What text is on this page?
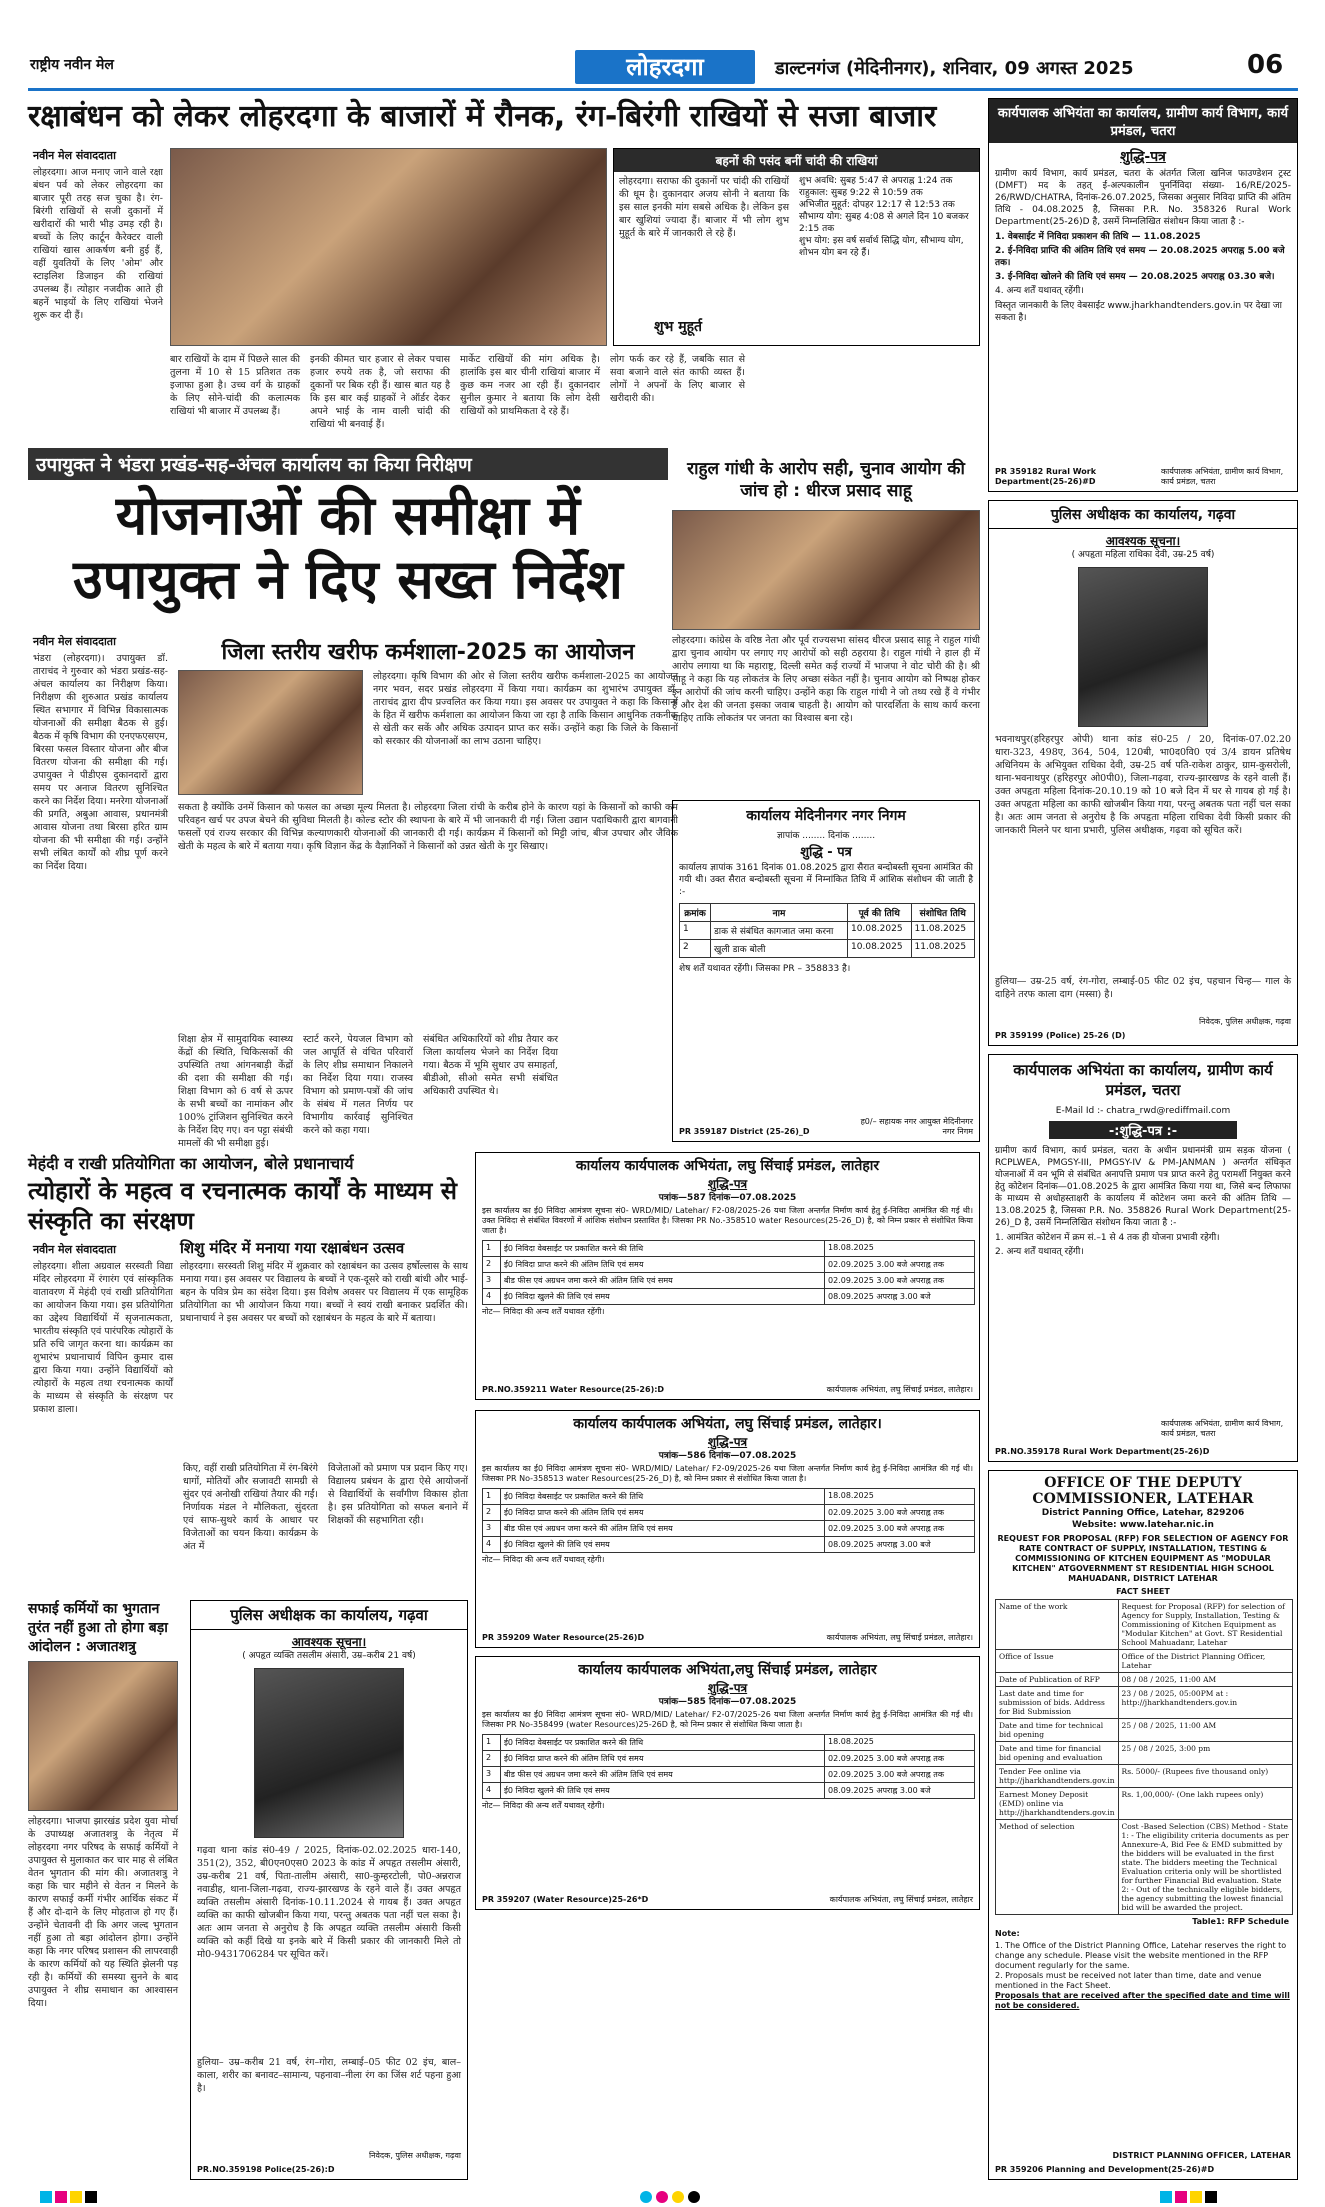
राष्ट्रीय नवीन मेल	लोहरदगा	डाल्टनगंज (मेदिनीनगर), शनिवार, 09 अगस्त 2025	06
रक्षाबंधन को लेकर लोहरदगा के बाजारों में रौनक, रंग-बिरंगी राखियों से सजा बाजार
नवीन मेल संवाददाता
लोहरदगा। आज मनाए जाने वाले रक्षा बंधन पर्व को लेकर लोहरदगा का बाजार पूरी तरह सज चुका है। रंग-बिरंगी राखियों से सजी दुकानों में खरीदारों की भारी भीड़ उमड़ रही है। बच्चों के लिए कार्टून कैरेक्टर वाली राखियां खास आकर्षण बनी हुई हैं, वहीं युवतियों के लिए 'ओम' और स्टाइलिश डिजाइन की राखियां उपलब्ध हैं। त्योहार नजदीक आते ही बहनें भाइयों के लिए राखियां भेजने शुरू कर दी हैं।
बार राखियों के दाम में पिछले साल की तुलना में 10 से 15 प्रतिशत तक इजाफा हुआ है। उच्च वर्ग के ग्राहकों के लिए सोने-चांदी की कलात्मक राखियां भी बाजार में उपलब्ध हैं।
इनकी कीमत चार हजार से लेकर पचास हजार रुपये तक है, जो सराफा की दुकानों पर बिक रही हैं। खास बात यह है कि इस बार कई ग्राहकों ने ऑर्डर देकर अपने भाई के नाम वाली चांदी की राखियां भी बनवाई हैं।
मार्केट राखियों की मांग अधिक है। हालांकि इस बार चीनी राखियां बाजार में कुछ कम नजर आ रही हैं। दुकानदार सुनील कुमार ने बताया कि लोग देसी राखियों को प्राथमिकता दे रहे हैं।
लोग फर्क कर रहे हैं, जबकि सात से सवा बजाने वाले संत काफी व्यस्त हैं। लोगों ने अपनों के लिए बाजार से खरीदारी की।
बहनों की पसंद बनीं चांदी की राखियां
लोहरदगा। सराफा की दुकानों पर चांदी की राखियों की धूम है। दुकानदार अजय सोनी ने बताया कि इस साल इनकी मांग सबसे अधिक है। लेकिन इस बार खुशियां ज्यादा हैं। बाजार में भी लोग शुभ मुहूर्त के बारे में जानकारी ले रहे हैं।
शुभ मुहूर्त
शुभ अवधि: सुबह 5:47 से अपराह्न 1:24 तक
राहुकाल: सुबह 9:22 से 10:59 तक
अभिजीत मुहूर्त: दोपहर 12:17 से 12:53 तक
सौभाग्य योग: सुबह 4:08 से अगले दिन 10 बजकर 2:15 तक
शुभ योग: इस वर्ष सर्वार्थ सिद्धि योग, सौभाग्य योग, शोभन योग बन रहे हैं।
उपायुक्त ने भंडरा प्रखंड-सह-अंचल कार्यालय का किया निरीक्षण
योजनाओं की समीक्षा में उपायुक्त ने दिए सख्त निर्देश
नवीन मेल संवाददाता
भंडरा (लोहरदगा)। उपायुक्त डॉ. ताराचंद ने गुरुवार को भंडरा प्रखंड-सह-अंचल कार्यालय का निरीक्षण किया। निरीक्षण की शुरुआत प्रखंड कार्यालय स्थित सभागार में विभिन्न विकासात्मक योजनाओं की समीक्षा बैठक से हुई। बैठक में कृषि विभाग की एनएफएसएम, बिरसा फसल विस्तार योजना और बीज वितरण योजना की समीक्षा की गई। उपायुक्त ने पीडीएस दुकानदारों द्वारा समय पर अनाज वितरण सुनिश्चित करने का निर्देश दिया। मनरेगा योजनाओं की प्रगति, अबुआ आवास, प्रधानमंत्री आवास योजना तथा बिरसा हरित ग्राम योजना की भी समीक्षा की गई। उन्होंने सभी लंबित कार्यों को शीघ्र पूर्ण करने का निर्देश दिया।
शिक्षा क्षेत्र में सामुदायिक स्वास्थ्य केंद्रों की स्थिति, चिकित्सकों की उपस्थिति तथा आंगनबाड़ी केंद्रों की दशा की समीक्षा की गई। शिक्षा विभाग को 6 वर्ष से ऊपर के सभी बच्चों का नामांकन और 100% ट्रांजिशन सुनिश्चित करने के निर्देश दिए गए। वन पट्टा संबंधी मामलों की भी समीक्षा हुई।
स्टार्ट करने, पेयजल विभाग को जल आपूर्ति से वंचित परिवारों के लिए शीघ्र समाधान निकालने का निर्देश दिया गया। राजस्व विभाग को प्रमाण-पत्रों की जांच के संबंध में गलत निर्णय पर विभागीय कार्रवाई सुनिश्चित करने को कहा गया।
संबंधित अधिकारियों को शीघ्र तैयार कर जिला कार्यालय भेजने का निर्देश दिया गया। बैठक में भूमि सुधार उप समाहर्ता, बीडीओ, सीओ समेत सभी संबंधित अधिकारी उपस्थित थे।
जिला स्तरीय खरीफ कर्मशाला-2025 का आयोजन
लोहरदगा। कृषि विभाग की ओर से जिला स्तरीय खरीफ कर्मशाला-2025 का आयोजन नगर भवन, सदर प्रखंड लोहरदगा में किया गया। कार्यक्रम का शुभारंभ उपायुक्त डॉ. ताराचंद द्वारा दीप प्रज्वलित कर किया गया। इस अवसर पर उपायुक्त ने कहा कि किसानों के हित में खरीफ कर्मशाला का आयोजन किया जा रहा है ताकि किसान आधुनिक तकनीक से खेती कर सकें और अधिक उत्पादन प्राप्त कर सकें। उन्होंने कहा कि जिले के किसानों को सरकार की योजनाओं का लाभ उठाना चाहिए।
सकता है क्योंकि उनमें किसान को फसल का अच्छा मूल्य मिलता है। लोहरदगा जिला रांची के करीब होने के कारण यहां के किसानों को काफी कम परिवहन खर्च पर उपज बेचने की सुविधा मिलती है। कोल्ड स्टोर की स्थापना के बारे में भी जानकारी दी गई। जिला उद्यान पदाधिकारी द्वारा बागवानी फसलों एवं राज्य सरकार की विभिन्न कल्याणकारी योजनाओं की जानकारी दी गई। कार्यक्रम में किसानों को मिट्टी जांच, बीज उपचार और जैविक खेती के महत्व के बारे में बताया गया। कृषि विज्ञान केंद्र के वैज्ञानिकों ने किसानों को उन्नत खेती के गुर सिखाए।
राहुल गांधी के आरोप सही, चुनाव आयोग की जांच हो : धीरज प्रसाद साहू
लोहरदगा। कांग्रेस के वरिष्ठ नेता और पूर्व राज्यसभा सांसद धीरज प्रसाद साहू ने राहुल गांधी द्वारा चुनाव आयोग पर लगाए गए आरोपों को सही ठहराया है। राहुल गांधी ने हाल ही में आरोप लगाया था कि महाराष्ट्र, दिल्ली समेत कई राज्यों में भाजपा ने वोट चोरी की है। श्री साहू ने कहा कि यह लोकतंत्र के लिए अच्छा संकेत नहीं है। चुनाव आयोग को निष्पक्ष होकर इन आरोपों की जांच करनी चाहिए। उन्होंने कहा कि राहुल गांधी ने जो तथ्य रखे हैं वे गंभीर हैं और देश की जनता इसका जवाब चाहती है। आयोग को पारदर्शिता के साथ कार्य करना चाहिए ताकि लोकतंत्र पर जनता का विश्वास बना रहे।
कार्यालय मेदिनीनगर नगर निगम
ज्ञापांक ........ दिनांक ........
शुद्धि - पत्र
कार्यालय ज्ञापांक 3161 दिनांक 01.08.2025 द्वारा सैरात बन्दोबस्ती सूचना आमंत्रित की गयी थी। उक्त सैरात बन्दोबस्ती सूचना में निम्नांकित तिथि में आंशिक संशोधन की जाती है :-
क्रमांक	नाम	पूर्व की तिथि	संशोधित तिथि
1	डाक से संबंधित कागजात जमा करना	10.08.2025	11.08.2025
2	खुली डाक बोली	10.08.2025	11.08.2025
शेष शर्तें यथावत रहेंगी। जिसका PR – 358833 है।
PR 359187 District (25-26)_D
ह0/– सहायक नगर आयुक्त मेदिनीनगर नगर निगम
मेहंदी व राखी प्रतियोगिता का आयोजन, बोले प्रधानाचार्य
त्योहारों के महत्व व रचनात्मक कार्यों के माध्यम से संस्कृति का संरक्षण
नवीन मेल संवाददाता
लोहरदगा। शीला अग्रवाल सरस्वती विद्या मंदिर लोहरदगा में रंगारंग एवं सांस्कृतिक वातावरण में मेहंदी एवं राखी प्रतियोगिता का आयोजन किया गया। इस प्रतियोगिता का उद्देश्य विद्यार्थियों में सृजनात्मकता, भारतीय संस्कृति एवं पारंपरिक त्योहारों के प्रति रुचि जागृत करना था। कार्यक्रम का शुभारंभ प्रधानाचार्य विपिन कुमार दास द्वारा किया गया। उन्होंने विद्यार्थियों को त्योहारों के महत्व तथा रचनात्मक कार्यों के माध्यम से संस्कृति के संरक्षण पर प्रकाश डाला।
किए, वहीं राखी प्रतियोगिता में रंग-बिरंगे धागों, मोतियों और सजावटी सामग्री से सुंदर एवं अनोखी राखियां तैयार की गईं। निर्णायक मंडल ने मौलिकता, सुंदरता एवं साफ-सुथरे कार्य के आधार पर विजेताओं का चयन किया। कार्यक्रम के अंत में
विजेताओं को प्रमाण पत्र प्रदान किए गए। विद्यालय प्रबंधन के द्वारा ऐसे आयोजनों से विद्यार्थियों के सर्वांगीण विकास होता है। इस प्रतियोगिता को सफल बनाने में शिक्षकों की सहभागिता रही।
शिशु मंदिर में मनाया गया रक्षाबंधन उत्सव
लोहरदगा। सरस्वती शिशु मंदिर में शुक्रवार को रक्षाबंधन का उत्सव हर्षोल्लास के साथ मनाया गया। इस अवसर पर विद्यालय के बच्चों ने एक-दूसरे को राखी बांधी और भाई-बहन के पवित्र प्रेम का संदेश दिया। इस विशेष अवसर पर विद्यालय में एक सामूहिक प्रतियोगिता का भी आयोजन किया गया। बच्चों ने स्वयं राखी बनाकर प्रदर्शित की। प्रधानाचार्य ने इस अवसर पर बच्चों को रक्षाबंधन के महत्व के बारे में बताया।
सफाई कर्मियों का भुगतान तुरंत नहीं हुआ तो होगा बड़ा आंदोलन : अजातशत्रु
लोहरदगा। भाजपा झारखंड प्रदेश युवा मोर्चा के उपाध्यक्ष अजातशत्रु के नेतृत्व में लोहरदगा नगर परिषद के सफाई कर्मियों ने उपायुक्त से मुलाकात कर चार माह से लंबित वेतन भुगतान की मांग की। अजातशत्रु ने कहा कि चार महीने से वेतन न मिलने के कारण सफाई कर्मी गंभीर आर्थिक संकट में हैं और दो-दाने के लिए मोहताज हो गए हैं। उन्होंने चेतावनी दी कि अगर जल्द भुगतान नहीं हुआ तो बड़ा आंदोलन होगा। उन्होंने कहा कि नगर परिषद प्रशासन की लापरवाही के कारण कर्मियों को यह स्थिति झेलनी पड़ रही है। कर्मियों की समस्या सुनने के बाद उपायुक्त ने शीघ्र समाधान का आश्वासन दिया।
पुलिस अधीक्षक का कार्यालय, गढ़वा
आवश्यक सूचना।
( अपहृत व्यक्ति तसलीम अंसारी, उम्र–करीब 21 वर्ष)
गढ़वा थाना कांड सं0-49 / 2025, दिनांक-02.02.2025 धारा-140, 351(2), 352, बी0एन0एस0 2023 के कांड में अपहृत तसलीम अंसारी, उम्र-करीब 21 वर्ष, पिता-तालीम अंसारी, सा0-कुम्हरटोली, पो0-अन्नराज नवाडीह, थाना-जिला-गढ़वा, राज्य-झारखण्ड के रहने वाले हैं। उक्त अपहृत व्यक्ति तसलीम अंसारी दिनांक-10.11.2024 से गायब हैं। उक्त अपहृत व्यक्ति का काफी खोजबीन किया गया, परन्तु अबतक पता नहीं चल सका है। अतः आम जनता से अनुरोध है कि अपहृत व्यक्ति तसलीम अंसारी किसी व्यक्ति को कहीं दिखे या इनके बारे में किसी प्रकार की जानकारी मिले तो मो0-9431706284 पर सूचित करें।
हुलिया– उम्र–करीब 21 वर्ष, रंग–गोरा, लम्बाई–05 फीट 02 इंच, बाल–काला, शरीर का बनावट–सामान्य, पहनावा–नीला रंग का जिंस शर्ट पहना हुआ है।
निवेदक, पुलिस अधीक्षक, गढ़वा
PR.NO.359198 Police(25-26):D
कार्यालय कार्यपालक अभियंता, लघु सिंचाई प्रमंडल, लातेहार
शुद्धि-पत्र
पत्रांक—587 दिनांक—07.08.2025
इस कार्यालय का ई0 निविदा आमंत्रण सूचना सं0- WRD/MID/ Latehar/ F2-08/2025-26 यथा जिला अन्तर्गत निर्माण कार्य हेतु ई-निविदा आमंत्रित की गई थी। उक्त निविदा से संबंधित विवरणों में आंशिक संशोधन प्रस्तावित है। जिसका PR No.-358510 water Resources(25-26_D) है, को निम्न प्रकार से संशोधित किया जाता है।
1	ई0 निविदा वेबसाईट पर प्रकाशित करने की तिथि	18.08.2025
2	ई0 निविदा प्राप्त करने की अंतिम तिथि एवं समय	02.09.2025 3.00 बजे अपराह्न तक
3	बीड फीस एवं अग्रधन जमा करने की अंतिम तिथि एवं समय	02.09.2025 3.00 बजे अपराह्न तक
4	ई0 निविदा खुलने की तिथि एवं समय	08.09.2025 अपराह्न 3.00 बजे
नोट— निविदा की अन्य शर्तें यथावत रहेंगी।
PR.NO.359211 Water Resource(25-26):D	कार्यपालक अभियंता, लघु सिंचाई प्रमंडल, लातेहार।
कार्यालय कार्यपालक अभियंता, लघु सिंचाई प्रमंडल, लातेहार।
शुद्धि-पत्र
पत्रांक—586 दिनांक—07.08.2025
इस कार्यालय का ई0 निविदा आमंत्रण सूचना सं0- WRD/MID/ Latehar/ F2-09/2025-26 यथा जिला अन्तर्गत निर्माण कार्य हेतु ई-निविदा आमंत्रित की गई थी। जिसका PR No-358513 water Resources(25-26_D) है, को निम्न प्रकार से संशोधित किया जाता है।
1	ई0 निविदा वेबसाईट पर प्रकाशित करने की तिथि	18.08.2025
2	ई0 निविदा प्राप्त करने की अंतिम तिथि एवं समय	02.09.2025 3.00 बजे अपराह्न तक
3	बीड फीस एवं अग्रधन जमा करने की अंतिम तिथि एवं समय	02.09.2025 3.00 बजे अपराह्न तक
4	ई0 निविदा खुलने की तिथि एवं समय	08.09.2025 अपराह्न 3.00 बजे
नोट— निविदा की अन्य शर्तें यथावत् रहेगी।
PR 359209 Water Resource(25-26)D	कार्यपालक अभियंता, लघु सिंचाई प्रमंडल, लातेहार।
कार्यालय कार्यपालक अभियंता,लघु सिंचाई प्रमंडल, लातेहार
शुद्धि-पत्र
पत्रांक—585 दिनांक—07.08.2025
इस कार्यालय का ई0 निविदा आमंत्रण सूचना सं0- WRD/MID/ Latehar/ F2-07/2025-26 यथा जिला अन्तर्गत निर्माण कार्य हेतु ई-निविदा आमंत्रित की गई थी। जिसका PR No-358499 (water Resources)25-26D है, को निम्न प्रकार से संशोधित किया जाता है।
1	ई0 निविदा वेबसाईट पर प्रकाशित करने की तिथि	18.08.2025
2	ई0 निविदा प्राप्त करने की अंतिम तिथि एवं समय	02.09.2025 3.00 बजे अपराह्न तक
3	बीड फीस एवं अग्रधन जमा करने की अंतिम तिथि एवं समय	02.09.2025 3.00 बजे अपराह्न तक
4	ई0 निविदा खुलने की तिथि एवं समय	08.09.2025 अपराह्न 3.00 बजे
नोट— निविदा की अन्य शर्तें यथावत् रहेगी।
PR 359207 (Water Resource)25-26*D	कार्यपालक अभियंता, लघु सिंचाई प्रमंडल, लातेहार
कार्यपालक अभियंता का कार्यालय, ग्रामीण कार्य विभाग, कार्य प्रमंडल, चतरा
शुद्धि-पत्र
ग्रामीण कार्य विभाग, कार्य प्रमंडल, चतरा के अंतर्गत जिला खनिज फाउण्डेशन ट्रस्ट (DMFT) मद के तहत् ई-अल्पकालीन पुनर्निविदा संख्या- 16/RE/2025-26/RWD/CHATRA, दिनांक-26.07.2025, जिसका अनुसार निविदा प्राप्ति की अंतिम तिथि - 04.08.2025 है, जिसका P.R. No. 358326 Rural Work Department(25-26)D है, उसमें निम्नलिखित संशोधन किया जाता है :-
1. वेबसाईट में निविदा प्रकाशन की तिथि — 11.08.2025
2. ई-निविदा प्राप्ति की अंतिम तिथि एवं समय — 20.08.2025 अपराह्न 5.00 बजे तक।
3. ई-निविदा खोलने की तिथि एवं समय — 20.08.2025 अपराह्न 03.30 बजे।
4. अन्य शर्तें यथावत् रहेंगी।
विस्तृत जानकारी के लिए वेबसाईट www.jharkhandtenders.gov.in पर देखा जा सकता है।
PR 359182 Rural Work Department(25-26)#D
कार्यपालक अभियंता, ग्रामीण कार्य विभाग, कार्य प्रमंडल, चतरा
पुलिस अधीक्षक का कार्यालय, गढ़वा
आवश्यक सूचना।
( अपहृता महिला राधिका देवी, उम्र-25 वर्ष)
भवनाथपुर(हरिहरपुर ओपी) थाना कांड सं0-25 / 20, दिनांक-07.02.20 धारा-323, 498ए, 364, 504, 120बी, भा0द0वि0 एवं 3/4 डायन प्रतिषेध अधिनियम के अभियुक्त राधिका देवी, उम्र-25 वर्ष पति-राकेश ठाकुर, ग्राम-कुसरोली, थाना-भवनाथपुर (हरिहरपुर ओ0पी0), जिला-गढ़वा, राज्य-झारखण्ड के रहने वाली हैं। उक्त अपहृता महिला दिनांक-20.10.19 को 10 बजे दिन में घर से गायब हो गई है। उक्त अपहृता महिला का काफी खोजबीन किया गया, परन्तु अबतक पता नहीं चल सका है। अतः आम जनता से अनुरोध है कि अपहृता महिला राधिका देवी किसी प्रकार की जानकारी मिलने पर थाना प्रभारी, पुलिस अधीक्षक, गढ़वा को सूचित करें।
हुलिया— उम्र-25 वर्ष, रंग-गोरा, लम्बाई-05 फीट 02 इंच, पहचान चिन्ह— गाल के दाहिने तरफ काला दाग (मस्सा) है।
निवेदक, पुलिस अधीक्षक, गढ़वा
PR 359199 (Police) 25-26 (D)
कार्यपालक अभियंता का कार्यालय, ग्रामीण कार्य प्रमंडल, चतरा
E-Mail Id :- chatra_rwd@rediffmail.com
-:शुद्धि-पत्र :-
ग्रामीण कार्य विभाग, कार्य प्रमंडल, चतरा के अधीन प्रधानमंत्री ग्राम सड़क योजना ( RCPLWEA, PMGSY-III, PMGSY-IV & PM-JANMAN ) अन्तर्गत संधिकृत योजनाओं में वन भूमि से संबंधित अनापत्ति प्रमाण पत्र प्राप्त करने हेतु परामर्शी नियुक्त करने हेतु कोटेशन दिनांक—01.08.2025 के द्वारा आमंत्रित किया गया था, जिसे बन्द लिफाफा के माध्यम से अधोहस्ताक्षरी के कार्यालय में कोटेशन जमा करने की अंतिम तिथि — 13.08.2025 है, जिसका P.R. No. 358826 Rural Work Department(25-26)_D है, उसमें निम्नलिखित संशोधन किया जाता है :-
1. आमंत्रित कोटेशन में क्रम सं.–1 से 4 तक ही योजना प्रभावी रहेगी।
2. अन्य शर्तें यथावत् रहेंगी।
कार्यपालक अभियंता, ग्रामीण कार्य विभाग, कार्य प्रमंडल, चतरा
PR.NO.359178 Rural Work Department(25-26)D
OFFICE OF THE DEPUTY
COMMISSIONER, LATEHAR
District Panning Office, Latehar, 829206
Website: www.latehar.nic.in
REQUEST FOR PROPOSAL (RFP) FOR SELECTION OF AGENCY FOR RATE CONTRACT OF SUPPLY, INSTALLATION, TESTING & COMMISSIONING OF KITCHEN EQUIPMENT AS "MODULAR KITCHEN" ATGOVERNMENT ST RESIDENTIAL HIGH SCHOOL MAHUADANR, DISTRICT LATEHAR
FACT SHEET
Name of the work	Request for Proposal (RFP) for selection of Agency for Supply, Installation, Testing & Commissioning of Kitchen Equipment as "Modular Kitchen" at Govt. ST Residential School Mahuadanr, Latehar
Office of Issue	Office of the District Planning Officer, Latehar
Date of Publication of RFP	08 / 08 / 2025, 11:00 AM
Last date and time for submission of bids. Address for Bid Submission	23 / 08 / 2025, 05:00PM at : http://jharkhandtenders.gov.in
Date and time for technical bid opening	25 / 08 / 2025, 11:00 AM
Date and time for financial bid opening and evaluation	25 / 08 / 2025, 3:00 pm
Tender Fee online via http://jharkhandtenders.gov.in	Rs. 5000/- (Rupees five thousand only)
Earnest Money Deposit (EMD) online via http://jharkhandtenders.gov.in	Rs. 1,00,000/- (One lakh rupees only)
Method of selection	Cost -Based Selection (CBS) Method - State 1: - The eligibility criteria documents as per Annexure-A, Bid Fee & EMD submitted by the bidders will be evaluated in the first state. The bidders meeting the Technical Evaluation criteria only will be shortlisted for further Financial Bid evaluation. State 2: - Out of the technically eligible bidders, the agency submitting the lowest financial bid will be awarded the project.
Table1: RFP Schedule
Note:
1. The Office of the District Planning Office, Latehar reserves the right to change any schedule. Please visit the website mentioned in the RFP document regularly for the same.
2. Proposals must be received not later than time, date and venue mentioned in the Fact Sheet.
Proposals that are received after the specified date and time will not be considered.
DISTRICT PLANNING OFFICER, LATEHAR
PR 359206 Planning and Development(25-26)#D
